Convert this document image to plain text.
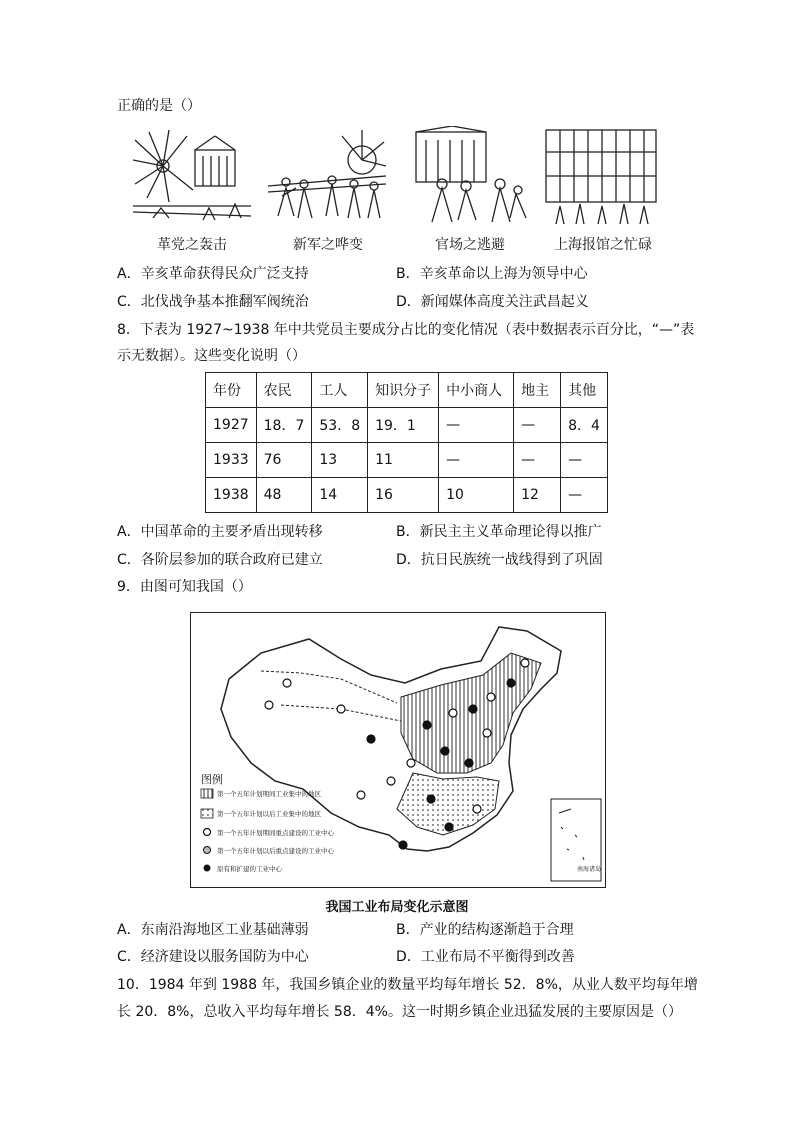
正确的是（）
革党之轰击	新军之哗变	官场之逃避	上海报馆之忙碌
A．辛亥革命获得民众广泛支持	B．辛亥革命以上海为领导中心
C．北伐战争基本推翻军阀统治	D．新闻媒体高度关注武昌起义
8．下表为 1927~1938 年中共党员主要成分占比的变化情况（表中数据表示百分比，“—”表
示无数据）。这些变化说明（）
年份	农民	工人	知识分子	中小商人	地主	其他
1927	18．7	53．8	19．1	—	—	8．4
1933	76	13	11	—	—	—
1938	48	14	16	10	12	—
A．中国革命的主要矛盾出现转移	B．新民主主义革命理论得以推广
C．各阶层参加的联合政府已建立	D．抗日民族统一战线得到了巩固
9．由图可知我国（）
图例
第一个五年计划期间工业集中的地区
第一个五年计划以后工业集中的地区
第一个五年计划期间重点建设的工业中心
第一个五年计划以后重点建设的工业中心
原有和扩建的工业中心	南海诸岛
我国工业布局变化示意图
A．东南沿海地区工业基础薄弱	B．产业的结构逐渐趋于合理
C．经济建设以服务国防为中心	D．工业布局不平衡得到改善
10．1984 年到 1988 年，我国乡镇企业的数量平均每年增长 52．8%，从业人数平均每年增
长 20．8%，总收入平均每年增长 58．4%。这一时期乡镇企业迅猛发展的主要原因是（）
